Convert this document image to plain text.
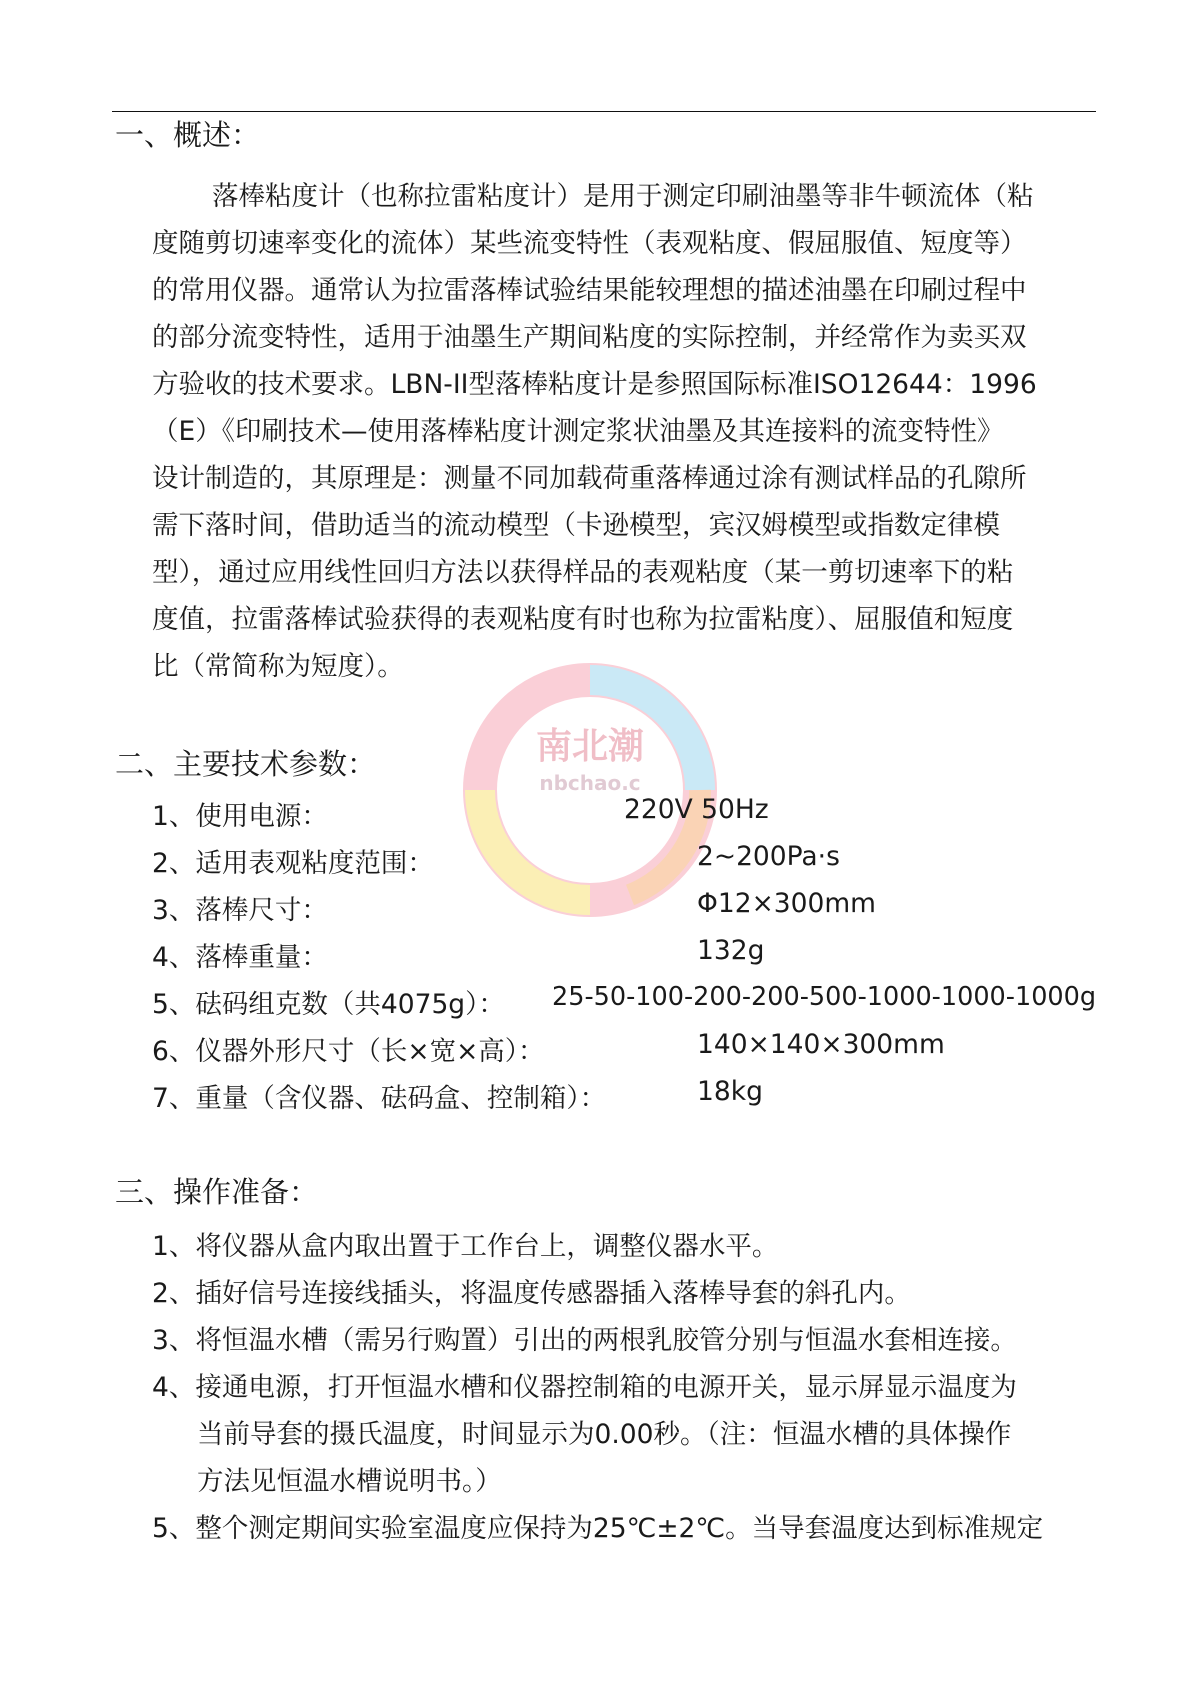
南北潮
nbchao.c
一、概述：
落棒粘度计（也称拉雷粘度计）是用于测定印刷油墨等非牛顿流体（粘
度随剪切速率变化的流体）某些流变特性（表观粘度、假屈服值、短度等）
的常用仪器。通常认为拉雷落棒试验结果能较理想的描述油墨在印刷过程中
的部分流变特性，适用于油墨生产期间粘度的实际控制，并经常作为卖买双
方验收的技术要求。LBN-II型落棒粘度计是参照国际标准ISO12644：1996
（E）《印刷技术—使用落棒粘度计测定浆状油墨及其连接料的流变特性》
设计制造的，其原理是：测量不同加载荷重落棒通过涂有测试样品的孔隙所
需下落时间，借助适当的流动模型（卡逊模型，宾汉姆模型或指数定律模
型），通过应用线性回归方法以获得样品的表观粘度（某一剪切速率下的粘
度值，拉雷落棒试验获得的表观粘度有时也称为拉雷粘度）、屈服值和短度
比（常简称为短度）。
二、主要技术参数：
1、使用电源：	220V 50Hz
2、适用表观粘度范围：	2~200Pa·s
3、落棒尺寸：	Φ12×300mm
4、落棒重量：	132g
5、砝码组克数（共4075g）： 25-50-100-200-200-500-1000-1000-1000g
6、仪器外形尺寸（长×宽×高）：	140×140×300mm
7、重量（含仪器、砝码盒、控制箱）：	18kg
三、操作准备：
1、将仪器从盒内取出置于工作台上，调整仪器水平。
2、插好信号连接线插头，将温度传感器插入落棒导套的斜孔内。
3、将恒温水槽（需另行购置）引出的两根乳胶管分别与恒温水套相连接。
4、接通电源，打开恒温水槽和仪器控制箱的电源开关，显示屏显示温度为
当前导套的摄氏温度，时间显示为0.00秒。（注：恒温水槽的具体操作
方法见恒温水槽说明书。）
5、整个测定期间实验室温度应保持为25℃±2℃。当导套温度达到标准规定
